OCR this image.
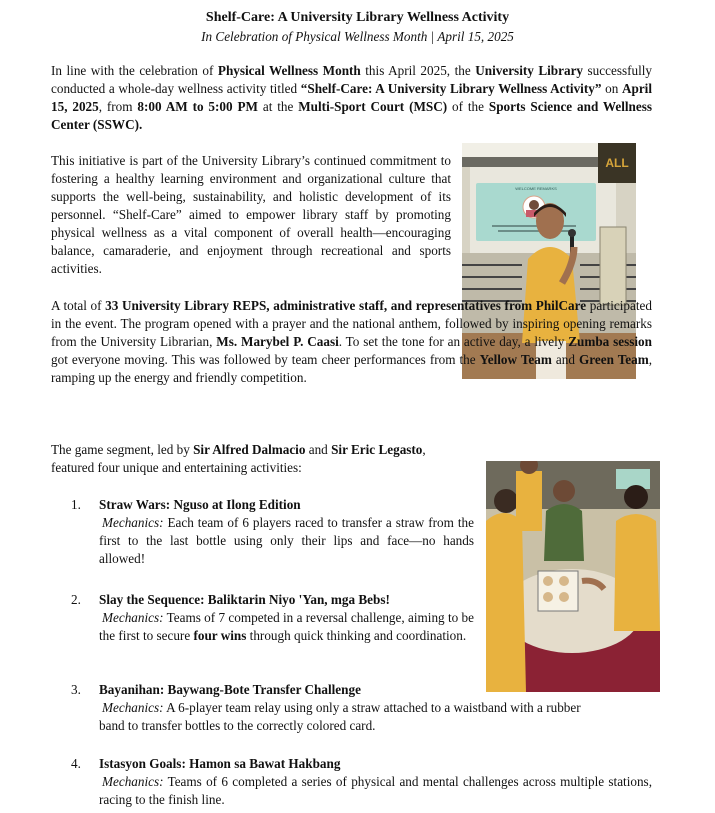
Shelf-Care: A University Library Wellness Activity
In Celebration of Physical Wellness Month | April 15, 2025
In line with the celebration of Physical Wellness Month this April 2025, the University Library successfully conducted a whole-day wellness activity titled “Shelf-Care: A University Library Wellness Activity” on April 15, 2025, from 8:00 AM to 5:00 PM at the Multi-Sport Court (MSC) of the Sports Science and Wellness Center (SSWC).
This initiative is part of the University Library’s continued commitment to fostering a healthy learning environment and organizational culture that supports the well-being, sustainability, and holistic development of its personnel. “Shelf-Care” aimed to empower library staff by promoting physical wellness as a vital component of overall health—encouraging balance, camaraderie, and enjoyment through recreational and sports activities.
WELCOME REMARKS
ALL
A total of 33 University Library REPS, administrative staff, and representatives from PhilCare participated in the event. The program opened with a prayer and the national anthem, followed by inspiring opening remarks from the University Librarian, Ms. Marybel P. Caasi. To set the tone for an active day, a lively Zumba session got everyone moving. This was followed by team cheer performances from the Yellow Team and Green Team, ramping up the energy and friendly competition.
The game segment, led by Sir Alfred Dalmacio and Sir Eric Legasto, featured four unique and entertaining activities:
1.	Straw Wars: Nguso at Ilong Edition
Mechanics: Each team of 6 players raced to transfer a straw from the first to the last bottle using only their lips and face—no hands allowed!
2.	Slay the Sequence: Baliktarin Niyo 'Yan, mga Bebs!
Mechanics: Teams of 7 competed in a reversal challenge, aiming to be the first to secure four wins through quick thinking and coordination.
3.	Bayanihan: Baywang-Bote Transfer Challenge
Mechanics: A 6-player team relay using only a straw attached to a waistband with a rubber band to transfer bottles to the correctly colored card.
4.	Istasyon Goals: Hamon sa Bawat Hakbang
Mechanics: Teams of 6 completed a series of physical and mental challenges across multiple stations, racing to the finish line.
